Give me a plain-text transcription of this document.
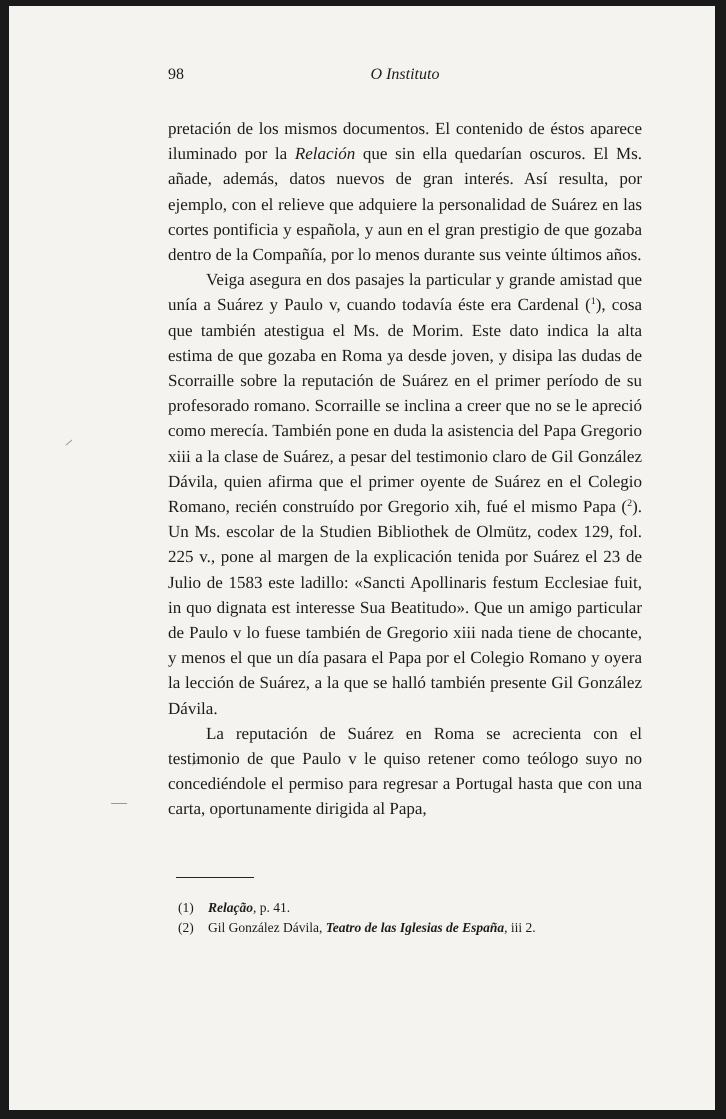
98	O Instituto

pretación de los mismos documentos. El contenido de éstos aparece iluminado por la Relación que sin ella quedarían oscuros. El Ms. añade, además, datos nuevos de gran interés. Así resulta, por ejemplo, con el relieve que adquiere la personalidad de Suárez en las cortes pontificia y española, y aun en el gran prestigio de que gozaba dentro de la Compañía, por lo menos durante sus veinte últimos años.

Veiga asegura en dos pasajes la particular y grande amistad que unía a Suárez y Paulo v, cuando todavía éste era Cardenal ($^1$), cosa que también atestigua el Ms. de Morim. Este dato indica la alta estima de que gozaba en Roma ya desde joven, y disipa las dudas de Scorraille sobre la reputación de Suárez en el primer período de su profesorado romano. Scorraille se inclina a creer que no se le apreció como merecía. También pone en duda la asistencia del Papa Gregorio xiii a la clase de Suárez, a pesar del testimonio claro de Gil González Dávila, quien afirma que el primer oyente de Suárez en el Colegio Romano, recién construído por Gregorio xih, fué el mismo Papa ($^2$). Un Ms. escolar de la Studien Bibliothek de Olmütz, codex 129, fol. 225 v., pone al margen de la explicación tenida por Suárez el 23 de Julio de 1583 este ladillo: «Sancti Apollinaris festum Ecclesiae fuit, in quo dignata est interesse Sua Beatitudo». Que un amigo particular de Paulo v lo fuese también de Gregorio xiii nada tiene de chocante, y menos el que un día pasara el Papa por el Colegio Romano y oyera la lección de Suárez, a la que se halló también presente Gil González Dávila.

La reputación de Suárez en Roma se acrecienta con el testimonio de que Paulo v le quiso retener como teólogo suyo no concediéndole el permiso para regresar a Portugal hasta que con una carta, oportunamente dirigida al Papa,

(1) Relação, p. 41.
(2) Gil González Dávila, Teatro de las Iglesias de España, iii 2.
